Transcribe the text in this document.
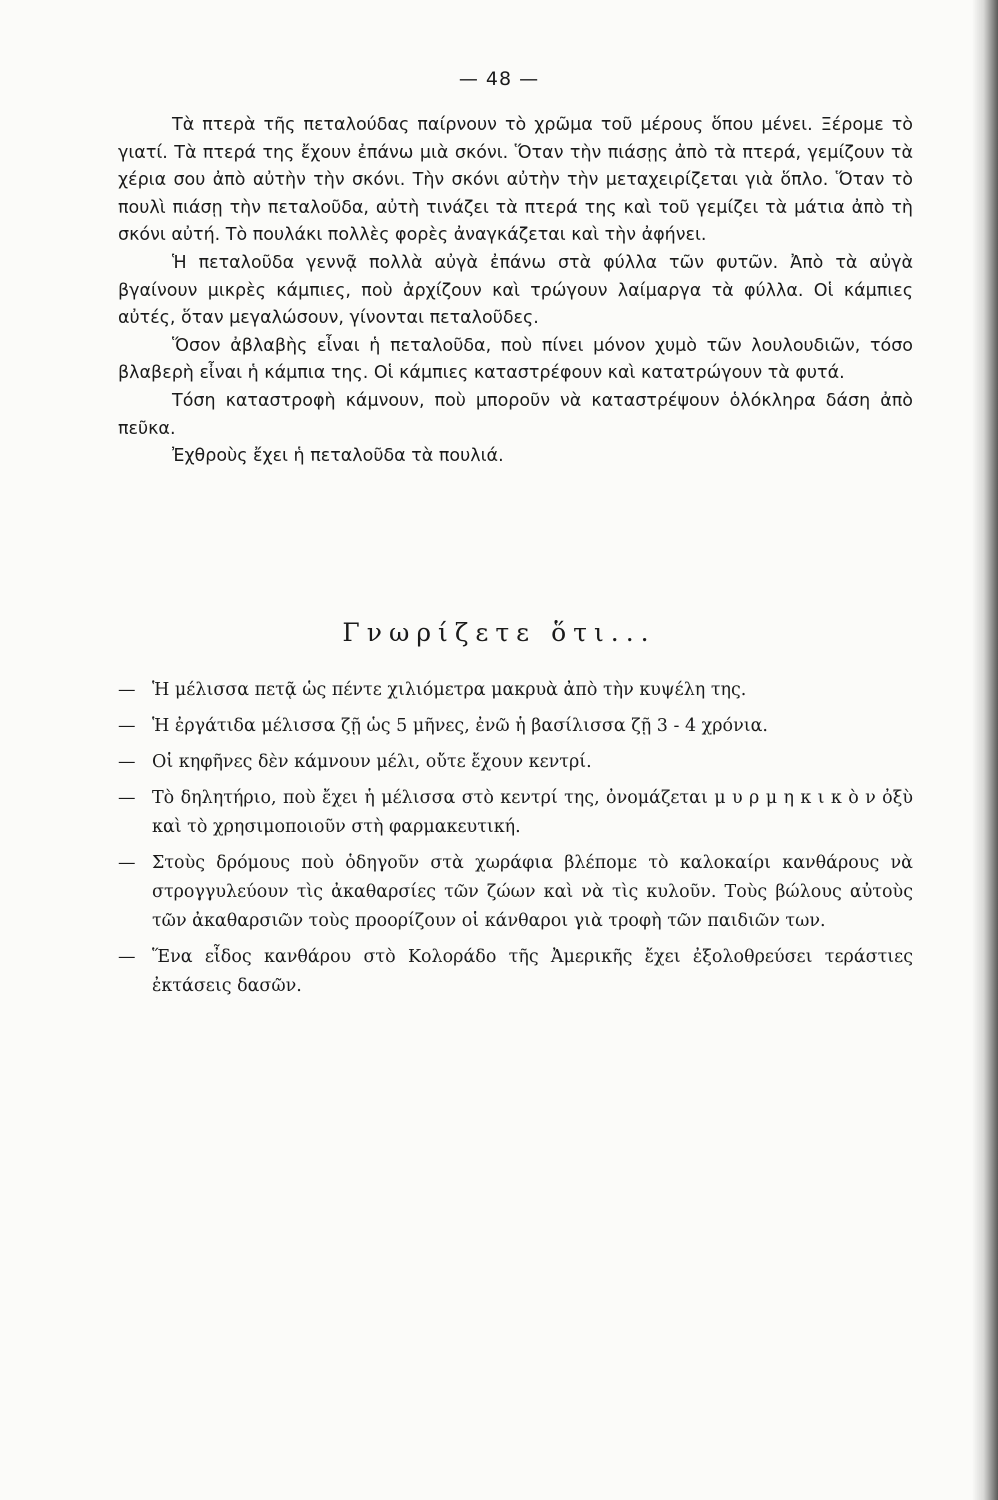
— 48 —

Τὰ πτερὰ τῆς πεταλούδας παίρνουν τὸ χρῶμα τοῦ μέρους ὅπου μένει. Ξέρομε τὸ γιατί. Τὰ πτερά της ἔχουν ἐπάνω μιὰ σκόνι. Ὅταν τὴν πιάσῃς ἀπὸ τὰ πτερά, γεμίζουν τὰ χέρια σου ἀπὸ αὐτὴν τὴν σκόνι. Τὴν σκόνι αὐτὴν τὴν μεταχειρίζεται γιὰ ὅπλο. Ὅταν τὸ πουλὶ πιάσῃ τὴν πεταλοῦδα, αὐτὴ τινάζει τὰ πτερά της καὶ τοῦ γεμίζει τὰ μάτια ἀπὸ τὴ σκόνι αὐτή. Τὸ πουλάκι πολλὲς φορὲς ἀναγκάζεται καὶ τὴν ἀφήνει.

Ἡ πεταλοῦδα γεννᾷ πολλὰ αὐγὰ ἐπάνω στὰ φύλλα τῶν φυτῶν. Ἀπὸ τὰ αὐγὰ βγαίνουν μικρὲς κάμπιες, ποὺ ἀρχίζουν καὶ τρώγουν λαίμαργα τὰ φύλλα. Οἱ κάμπιες αὐτές, ὅταν μεγαλώσουν, γίνονται πεταλοῦδες.

Ὅσον ἀβλαβὴς εἶναι ἡ πεταλοῦδα, ποὺ πίνει μόνον χυμὸ τῶν λουλουδιῶν, τόσο βλαβερὴ εἶναι ἡ κάμπια της. Οἱ κάμπιες καταστρέφουν καὶ κατατρώγουν τὰ φυτά.

Τόση καταστροφὴ κάμνουν, ποὺ μποροῦν νὰ καταστρέψουν ὁλόκληρα δάση ἀπὸ πεῦκα.

Ἐχθροὺς ἔχει ἡ πεταλοῦδα τὰ πουλιά.

Γνωρίζετε ὅτι...
— Ἡ μέλισσα πετᾷ ὡς πέντε χιλιόμετρα μακρυὰ ἀπὸ τὴν κυψέλη της.
— Ἡ ἐργάτιδα μέλισσα ζῇ ὡς 5 μῆνες, ἐνῶ ἡ βασίλισσα ζῇ 3 - 4 χρόνια.
— Οἱ κηφῆνες δὲν κάμνουν μέλι, οὔτε ἔχουν κεντρί.
— Τὸ δηλητήριο, ποὺ ἔχει ἡ μέλισσα στὸ κεντρί της, ὀνομάζεται μ υ ρ μ η κ ι κ ὸ ν ὀξὺ καὶ τὸ χρησιμοποιοῦν στὴ φαρμακευτική.
— Στοὺς δρόμους ποὺ ὁδηγοῦν στὰ χωράφια βλέπομε τὸ καλοκαίρι κανθάρους νὰ στρογγυλεύουν τὶς ἀκαθαρσίες τῶν ζώων καὶ νὰ τὶς κυλοῦν. Τοὺς βώλους αὐτοὺς τῶν ἀκαθαρσιῶν τοὺς προορίζουν οἱ κάνθαροι γιὰ τροφὴ τῶν παιδιῶν των.
— Ἕνα εἶδος κανθάρου στὸ Κολοράδο τῆς Ἀμερικῆς ἔχει ἐξολοθρεύσει τεράστιες ἐκτάσεις δασῶν.
